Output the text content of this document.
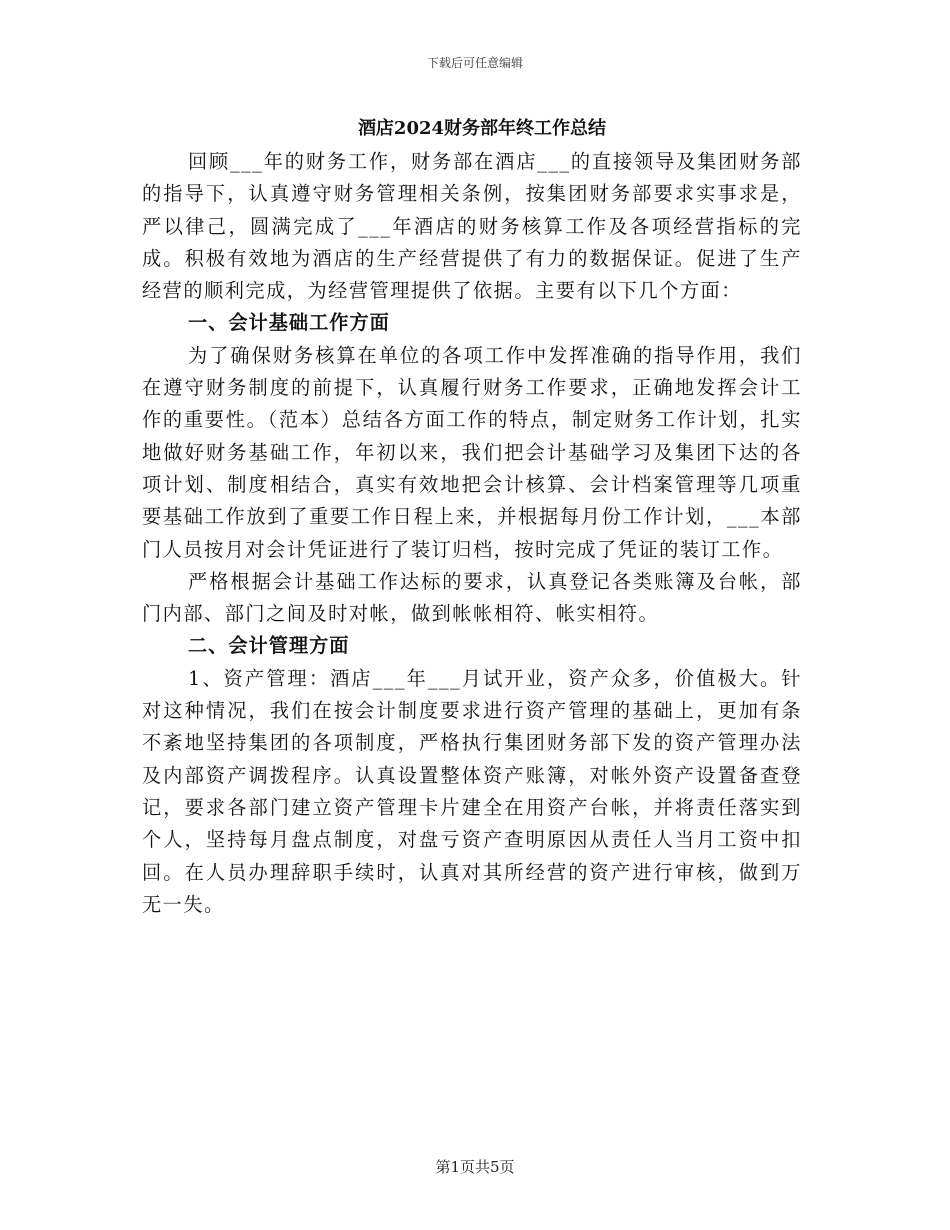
下载后可任意编辑
酒店2024财务部年终工作总结

回顾___年的财务工作，财务部在酒店___的直接领导及集团财务部的指导下，认真遵守财务管理相关条例，按集团财务部要求实事求是，严以律己，圆满完成了___年酒店的财务核算工作及各项经营指标的完成。积极有效地为酒店的生产经营提供了有力的数据保证。促进了生产经营的顺利完成，为经营管理提供了依据。主要有以下几个方面：

一、会计基础工作方面

为了确保财务核算在单位的各项工作中发挥准确的指导作用，我们在遵守财务制度的前提下，认真履行财务工作要求，正确地发挥会计工作的重要性。（范本）总结各方面工作的特点，制定财务工作计划，扎实地做好财务基础工作，年初以来，我们把会计基础学习及集团下达的各项计划、制度相结合，真实有效地把会计核算、会计档案管理等几项重要基础工作放到了重要工作日程上来，并根据每月份工作计划，___本部门人员按月对会计凭证进行了装订归档，按时完成了凭证的装订工作。

严格根据会计基础工作达标的要求，认真登记各类账簿及台帐，部门内部、部门之间及时对帐，做到帐帐相符、帐实相符。

二、会计管理方面

1、资产管理：酒店___年___月试开业，资产众多，价值极大。针对这种情况，我们在按会计制度要求进行资产管理的基础上，更加有条不紊地坚持集团的各项制度，严格执行集团财务部下发的资产管理办法及内部资产调拨程序。认真设置整体资产账簿，对帐外资产设置备查登记，要求各部门建立资产管理卡片建全在用资产台帐，并将责任落实到个人，坚持每月盘点制度，对盘亏资产查明原因从责任人当月工资中扣回。在人员办理辞职手续时，认真对其所经营的资产进行审核，做到万无一失。

第1页共5页
